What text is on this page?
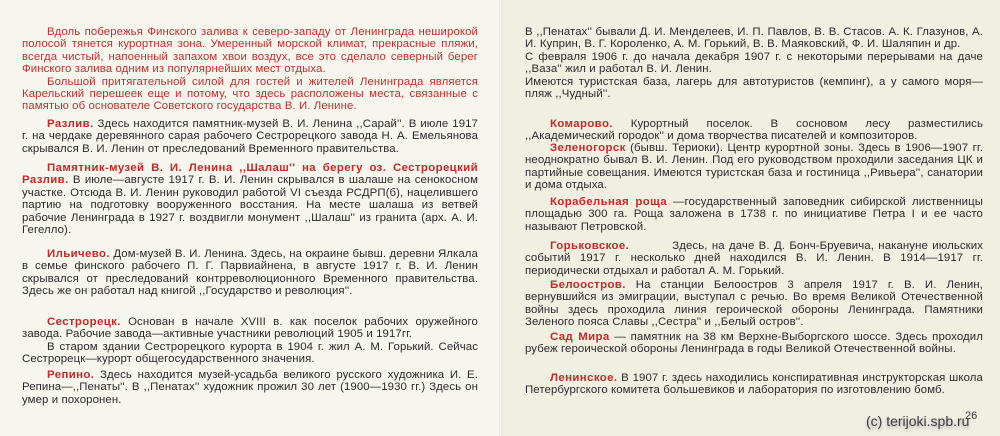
Вдоль побережья Финского залива к северо-западу от Ленинграда неширокой полосой тянется курортная зона. Умеренный морской климат, прекрасные пляжи, всегда чистый, напоенный запахом хвои воздух, все это сделало северный берег Финского залива одним из популярнейших мест отдыха.

Большой притягательной силой для гостей и жителей Ленинграда является Карельский перешеек еще и потому, что здесь расположены места, связанные с памятью об основателе Советского государства В. И. Ленине.

Разлив. Здесь находится памятник-музей В. И. Ленина ,,Сарай''. В июле 1917 г. на чердаке деревянного сарая рабочего Сестрорецкого завода Н. А. Емельянова скрывался В. И. Ленин от преследований Временного правительства.

Памятник-музей В. И. Ленина ,,Шалаш'' на берегу оз. Сестрорецкий Разлив. В июле—августе 1917 г. В. И. Ленин скрывался в шалаше на сенокосном участке. Отсюда В. И. Ленин руководил работой VI съезда РСДРП(б), нацелившего партию на подготовку вооруженного восстания. На месте шалаша из ветвей рабочие Ленинграда в 1927 г. воздвигли монумент ,,Шалаш'' из гранита (арх. А. И. Гегелло).

Ильичево. Дом-музей В. И. Ленина. Здесь, на окраине бывш. деревни Ялкала в семье финского рабочего П. Г. Парвиайнена, в августе 1917 г. В. И. Ленин скрывался от преследований контрреволюционного Временного правительства. Здесь же он работал над книгой ,,Государство и революция''.

Сестрорецк. Основан в начале XVIII в. как поселок рабочих оружейного завода. Рабочие завода—активные участники революций 1905 и 1917гг.

В старом здании Сестрорецкого курорта в 1904 г. жил А. М. Горький. Сейчас Сестрорецк—курорт общегосударственного значения.

Репино. Здесь находится музей-усадьба великого русского художника И. Е. Репина—,,Пенаты''. В ,,Пенатах'' художник прожил 30 лет (1900—1930 гг.) Здесь он умер и похоронен.

В ,,Пенатах'' бывали Д. И. Менделеев, И. П. Павлов, В. В. Стасов. А. К. Глазунов, А. И. Куприн, В. Г. Короленко, А. М. Горький, В. В. Маяковский, Ф. И. Шаляпин и др.

С февраля 1906 г. до начала декабря 1907 г. с некоторыми перерывами на даче ,,Ваза'' жил и работал В. И. Ленин.

Имеются туристская база, лагерь для автотуристов (кемпинг), а у самого моря—пляж ,,Чудный''.

Комарово. Курортный поселок. В сосновом лесу разместились ,,Академический городок'' и дома творчества писателей и композиторов.

Зеленогорск (бывш. Териоки). Центр курортной зоны. Здесь в 1906—1907 гг. неоднократно бывал В. И. Ленин. Под его руководством проходили заседания ЦК и партийные совещания. Имеются туристская база и гостиница ,,Ривьера'', санатории и дома отдыха.

Корабельная роща —государственный заповедник сибирской лиственницы площадью 300 га. Роща заложена в 1738 г. по инициативе Петра I и ее часто называют Петровской.

Горьковское.          Здесь, на даче В. Д. Бонч-Бруевича, накануне июльских событий 1917 г. несколько дней находился В. И. Ленин. В 1914—1917 гг. периодически отдыхал и работал А. М. Горький.

Белоостров. На станции Белоостров 3 апреля 1917 г. В. И. Ленин, вернувшийся из эмиграции, выступал с речью. Во время Великой Отечественной войны здесь проходила линия героической обороны Ленинграда. Памятники Зеленого пояса Славы ,,Сестра'' и ,,Белый остров''.

Сад Мира — памятник на 38 км Верхне-Выборгского шоссе. Здесь проходил рубеж героической обороны Ленинграда в годы Великой Отечественной войны.

Ленинское. В 1907 г. здесь находились конспиративная инструкторская школа Петербургского комитета большевиков и лаборатория по изготовлению бомб.

26
(c) terijoki.spb.ru
